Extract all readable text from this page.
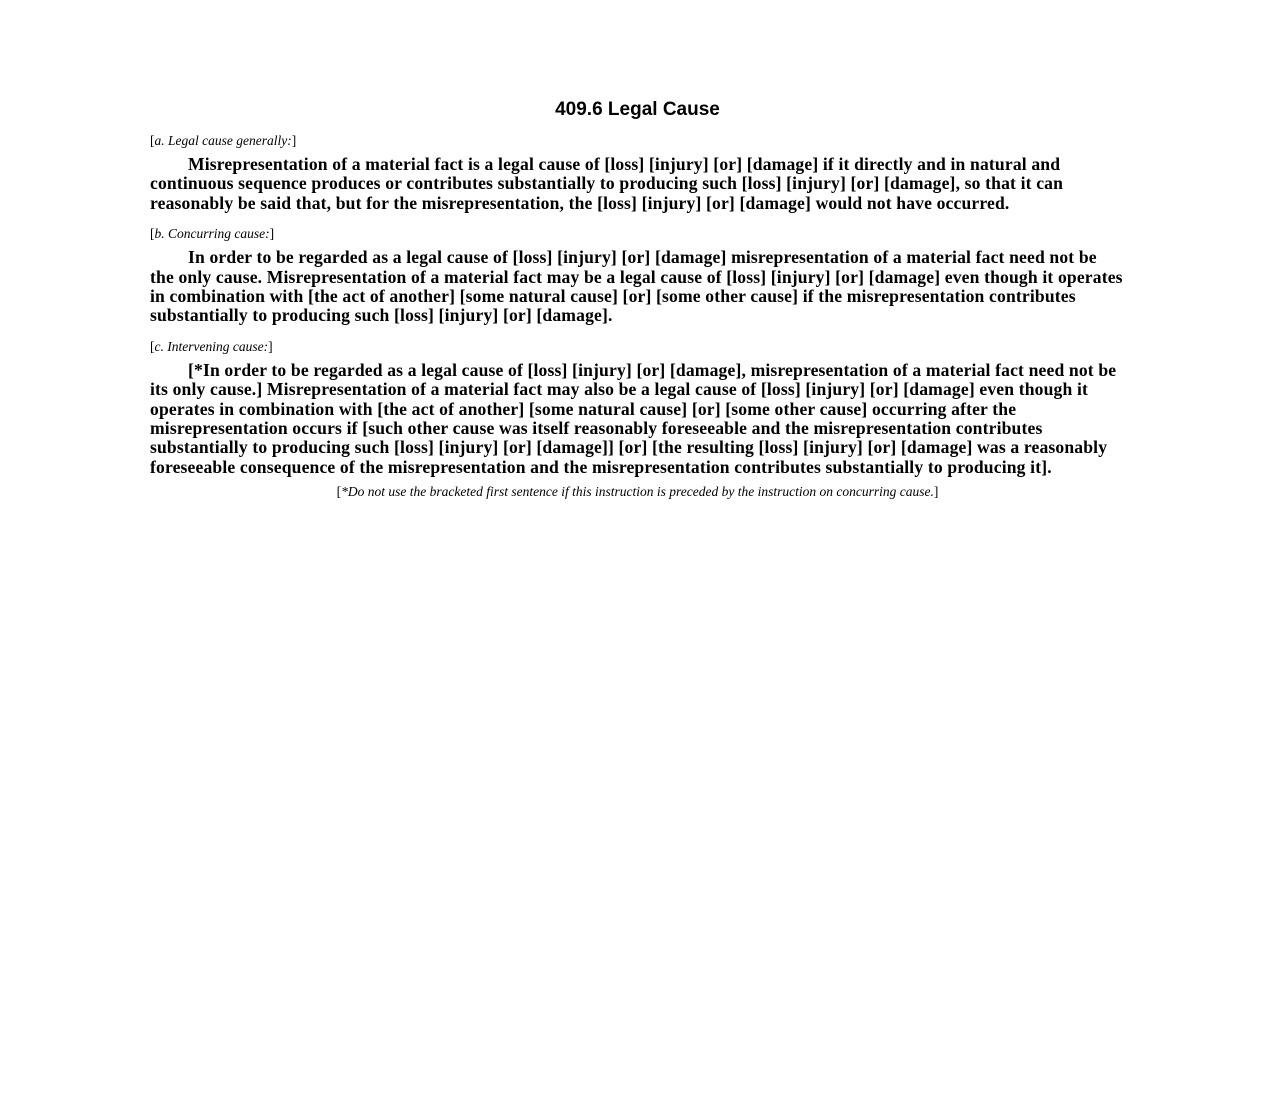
409.6 Legal Cause
[a. Legal cause generally:]

Misrepresentation of a material fact is a legal cause of [loss] [injury] [or] [damage] if it directly and in natural and continuous sequence produces or contributes substantially to producing such [loss] [injury] [or] [damage], so that it can reasonably be said that, but for the misrepresentation, the [loss] [injury] [or] [damage] would not have occurred.

[b. Concurring cause:]

In order to be regarded as a legal cause of [loss] [injury] [or] [damage] misrepresentation of a material fact need not be the only cause. Misrepresentation of a material fact may be a legal cause of [loss] [injury] [or] [damage] even though it operates in combination with [the act of another] [some natural cause] [or] [some other cause] if the misrepresentation contributes substantially to producing such [loss] [injury] [or] [damage].

[c. Intervening cause:]

[*In order to be regarded as a legal cause of [loss] [injury] [or] [damage], misrepresentation of a material fact need not be its only cause.] Misrepresentation of a material fact may also be a legal cause of [loss] [injury] [or] [damage] even though it operates in combination with [the act of another] [some natural cause] [or] [some other cause] occurring after the misrepresentation occurs if [such other cause was itself reasonably foreseeable and the misrepresentation contributes substantially to producing such [loss] [injury] [or] [damage]] [or] [the resulting [loss] [injury] [or] [damage] was a reasonably foreseeable consequence of the misrepresentation and the misrepresentation contributes substantially to producing it].

[*Do not use the bracketed first sentence if this instruction is preceded by the instruction on concurring cause.]
